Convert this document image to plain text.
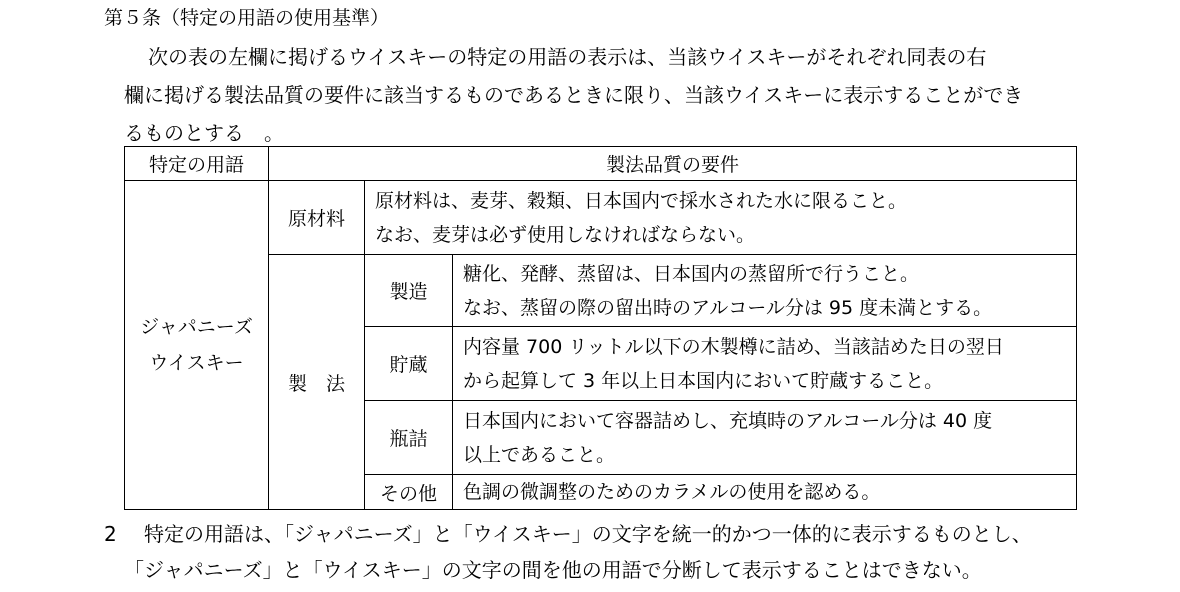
第５条（特定の用語の使用基準）
次の表の左欄に掲げるウイスキーの特定の用語の表示は、当該ウイスキーがそれぞれ同表の右
欄に掲げる製法品質の要件に該当するものであるときに限り、当該ウイスキーに表示することができ
るものとする　。
特定の用語	製法品質の要件		

ジャパニーズ
ウイスキー	原材料	原材料は、麦芽、穀類、日本国内で採水された水に限ること。
なお、麦芽は必ず使用しなければならない。	

	製　法	製造	糖化、発酵、蒸留は、日本国内の蒸留所で行うこと。
なお、蒸留の際の留出時のアルコール分は 95 度未満とする。

		貯蔵	内容量 700 リットル以下の木製樽に詰め、当該詰めた日の翌日
から起算して 3 年以上日本国内において貯蔵すること。

		瓶詰	日本国内において容器詰めし、充填時のアルコール分は 40 度
以上であること。

		その他	色調の微調整のためのカラメルの使用を認める。
2 特定の用語は、「ジャパニーズ」と「ウイスキー」の文字を統一的かつ一体的に表示するものとし、
「ジャパニーズ」と「ウイスキー」の文字の間を他の用語で分断して表示することはできない。
